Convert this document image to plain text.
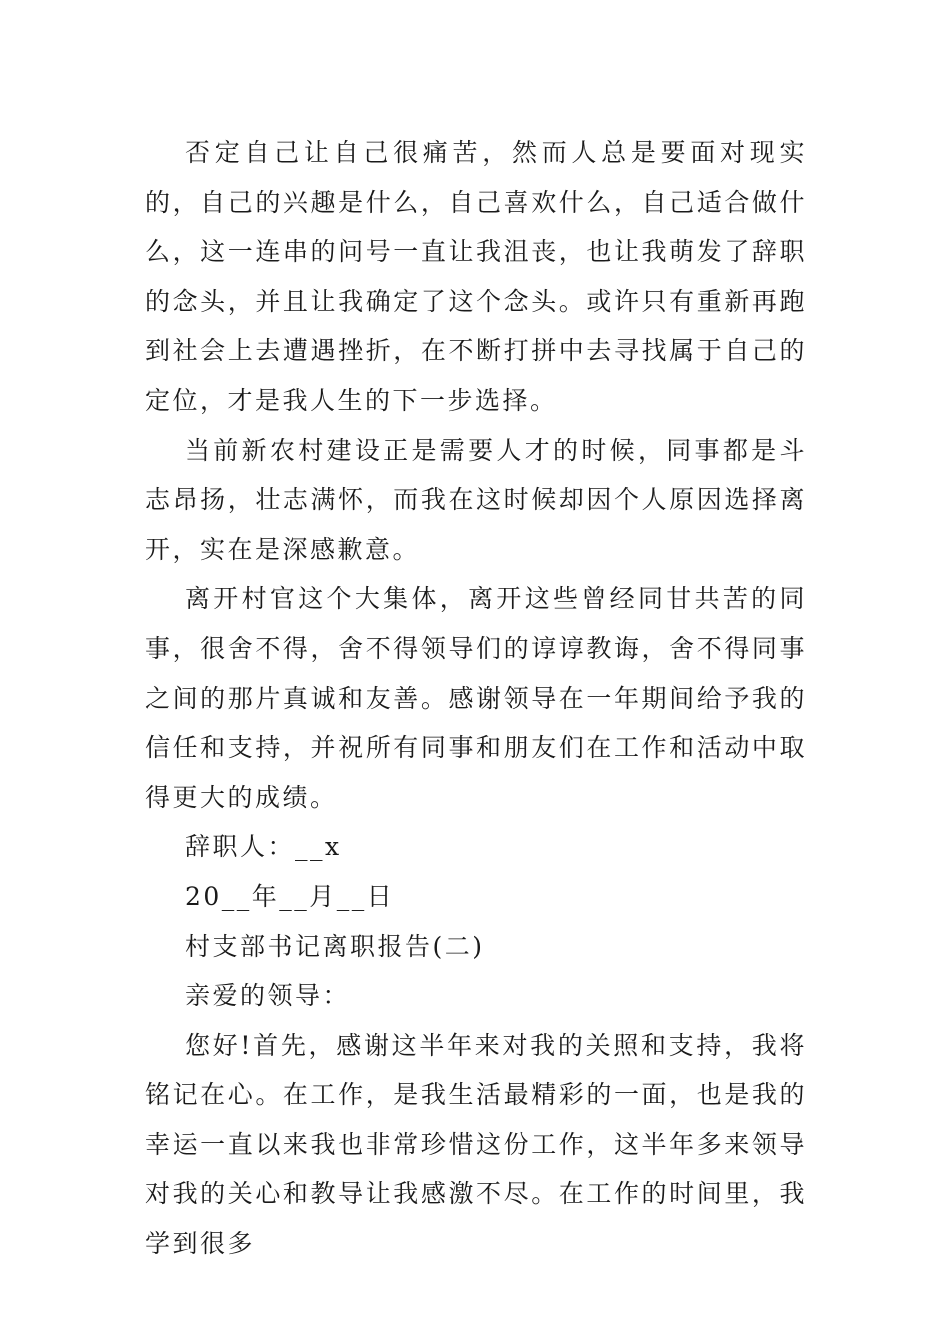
否定自己让自己很痛苦，然而人总是要面对现实的，自己的兴趣是什么，自己喜欢什么，自己适合做什么，这一连串的问号一直让我沮丧，也让我萌发了辞职的念头，并且让我确定了这个念头。或许只有重新再跑到社会上去遭遇挫折，在不断打拼中去寻找属于自己的定位，才是我人生的下一步选择。

当前新农村建设正是需要人才的时候，同事都是斗志昂扬，壮志满怀，而我在这时候却因个人原因选择离开，实在是深感歉意。

离开村官这个大集体，离开这些曾经同甘共苦的同事，很舍不得，舍不得领导们的谆谆教诲，舍不得同事之间的那片真诚和友善。感谢领导在一年期间给予我的信任和支持，并祝所有同事和朋友们在工作和活动中取得更大的成绩。

辞职人：__x

20__年__月__日

村支部书记离职报告(二)

亲爱的领导：

您好!首先，感谢这半年来对我的关照和支持，我将铭记在心。在工作，是我生活最精彩的一面，也是我的幸运一直以来我也非常珍惜这份工作，这半年多来领导对我的关心和教导让我感激不尽。在工作的时间里，我学到很多
